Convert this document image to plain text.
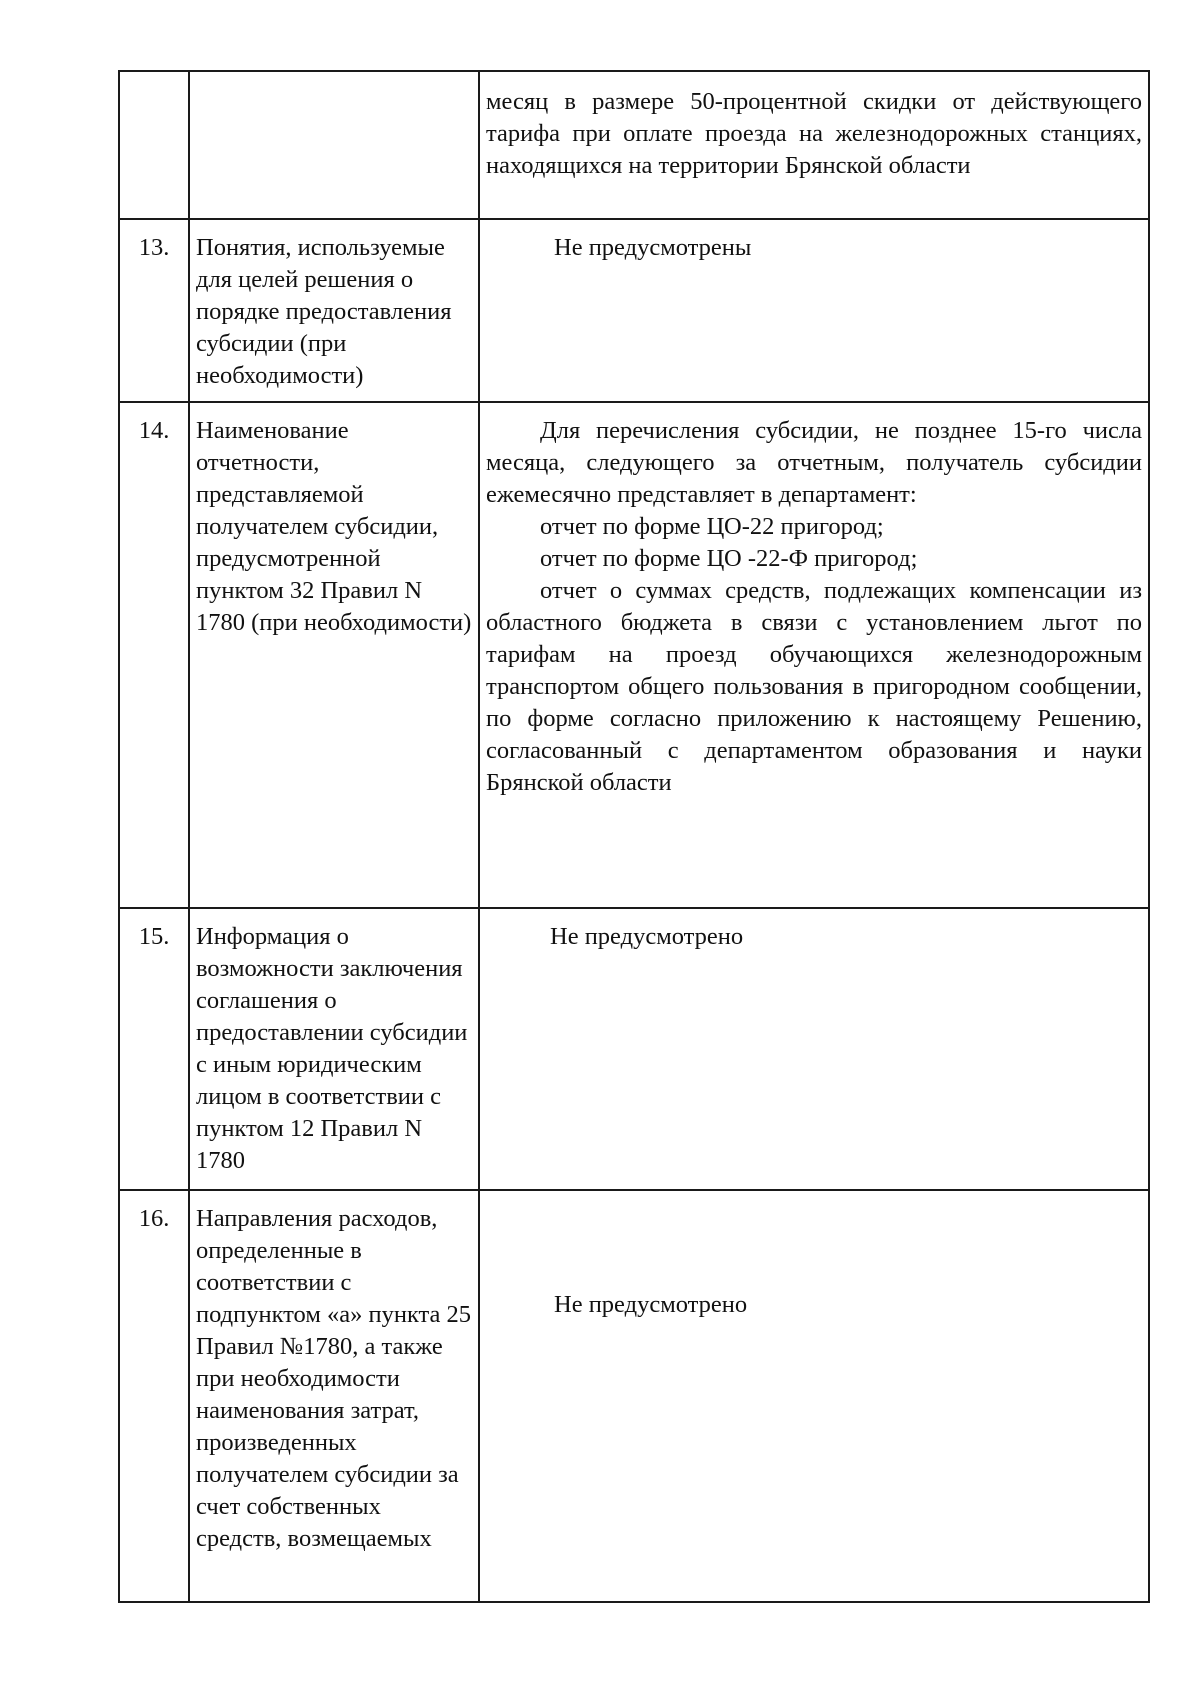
		месяц в размере 50-процентной скидки от действующего тарифа при оплате проезда на железнодорожных станциях, находящихся на территории Брянской области

13.	Понятия, используемые для целей решения о порядке предоставления субсидии (при необходимости)	Не предусмотрены

14.	Наименование отчетности, представляемой получателем субсидии, предусмотренной пунктом 32 Правил N 1780 (при необходимости)	Для перечисления субсидии, не позднее 15-го числа месяца, следующего за отчетным, получатель субсидии ежемесячно представляет в департамент:

отчет по форме ЦО-22 пригород;

отчет по форме ЦО -22-Ф пригород;

отчет о суммах средств, подлежащих компенсации из областного бюджета в связи с установлением льгот по тарифам на проезд обучающихся железнодорожным транспортом общего пользования в пригородном сообщении, по форме согласно приложению к настоящему Решению, согласованный с департаментом образования и науки Брянской области

15.	Информация о возможности заключения соглашения о предоставлении субсидии с иным юридическим лицом в соответствии с пунктом 12 Правил N 1780	Не предусмотрено

16.	Направления расходов, определенные в соответствии с подпунктом «а» пункта 25 Правил №1780, а также при необходимости наименования затрат, произведенных получателем субсидии за счет собственных средств, возмещаемых	Не предусмотрено
